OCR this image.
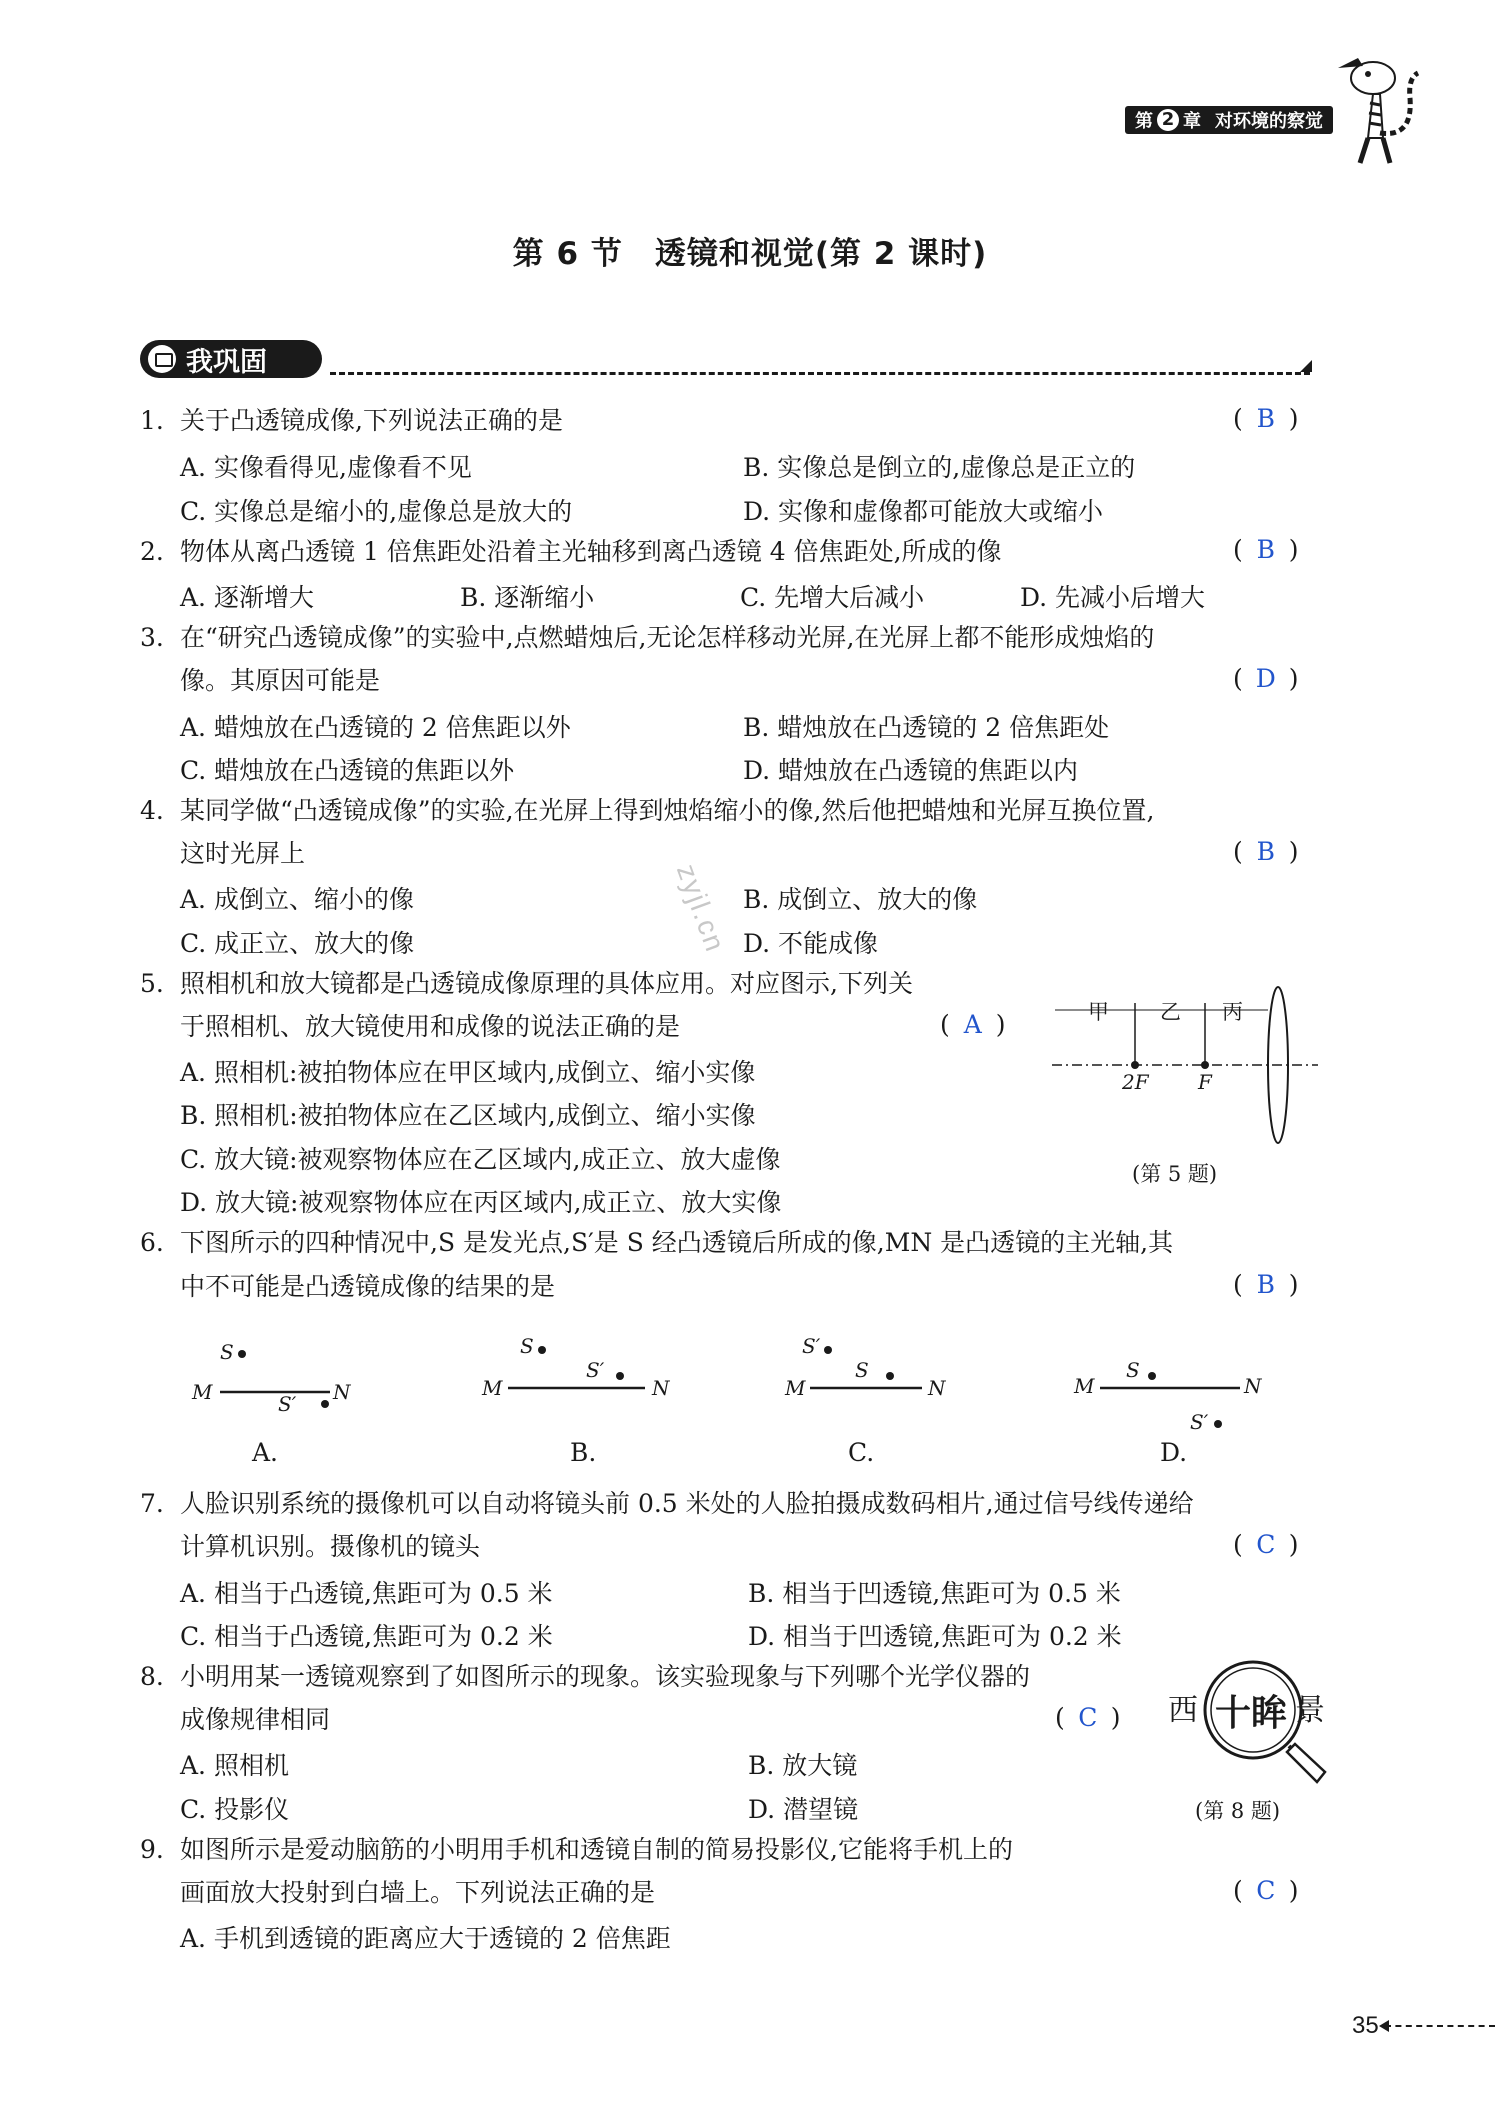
第 2 章 对环境的察觉
第 6 节　透镜和视觉(第 2 课时)
我巩固
zyjl.cn
1. 关于凸透镜成像,下列说法正确的是	( B )
A. 实像看得见,虚像看不见	B. 实像总是倒立的,虚像总是正立的
C. 实像总是缩小的,虚像总是放大的	D. 实像和虚像都可能放大或缩小
2. 物体从离凸透镜 1 倍焦距处沿着主光轴移到离凸透镜 4 倍焦距处,所成的像	( B )
A. 逐渐增大	B. 逐渐缩小	C. 先增大后减小	D. 先减小后增大
3. 在“研究凸透镜成像”的实验中,点燃蜡烛后,无论怎样移动光屏,在光屏上都不能形成烛焰的
像。其原因可能是	( D )
A. 蜡烛放在凸透镜的 2 倍焦距以外	B. 蜡烛放在凸透镜的 2 倍焦距处
C. 蜡烛放在凸透镜的焦距以外	D. 蜡烛放在凸透镜的焦距以内
4. 某同学做“凸透镜成像”的实验,在光屏上得到烛焰缩小的像,然后他把蜡烛和光屏互换位置,
这时光屏上	( B )
A. 成倒立、缩小的像	B. 成倒立、放大的像
C. 成正立、放大的像	D. 不能成像
5. 照相机和放大镜都是凸透镜成像原理的具体应用。对应图示,下列关
于照相机、放大镜使用和成像的说法正确的是	( A )
A. 照相机:被拍物体应在甲区域内,成倒立、缩小实像
B. 照相机:被拍物体应在乙区域内,成倒立、缩小实像
C. 放大镜:被观察物体应在乙区域内,成正立、放大虚像
D. 放大镜:被观察物体应在丙区域内,成正立、放大实像
甲 乙 丙
2F F
(第 5 题)
6. 下图所示的四种情况中,S 是发光点,S′是 S 经凸透镜后所成的像,MN 是凸透镜的主光轴,其
中不可能是凸透镜成像的结果的是	( B )
S
S′
M	N
A.
S
S′
M	N
B.
S′
S
M	N
C.
S
S′
M	N
D.
7. 人脸识别系统的摄像机可以自动将镜头前 0.5 米处的人脸拍摄成数码相片,通过信号线传递给
计算机识别。摄像机的镜头	( C )
A. 相当于凸透镜,焦距可为 0.5 米	B. 相当于凹透镜,焦距可为 0.5 米
C. 相当于凸透镜,焦距可为 0.2 米	D. 相当于凹透镜,焦距可为 0.2 米
8. 小明用某一透镜观察到了如图所示的现象。该实验现象与下列哪个光学仪器的
成像规律相同	( C )
A. 照相机	B. 放大镜
C. 投影仪	D. 潜望镜
西 十眸 景
(第 8 题)
9. 如图所示是爱动脑筋的小明用手机和透镜自制的简易投影仪,它能将手机上的
画面放大投射到白墙上。下列说法正确的是	( C )
A. 手机到透镜的距离应大于透镜的 2 倍焦距
35
